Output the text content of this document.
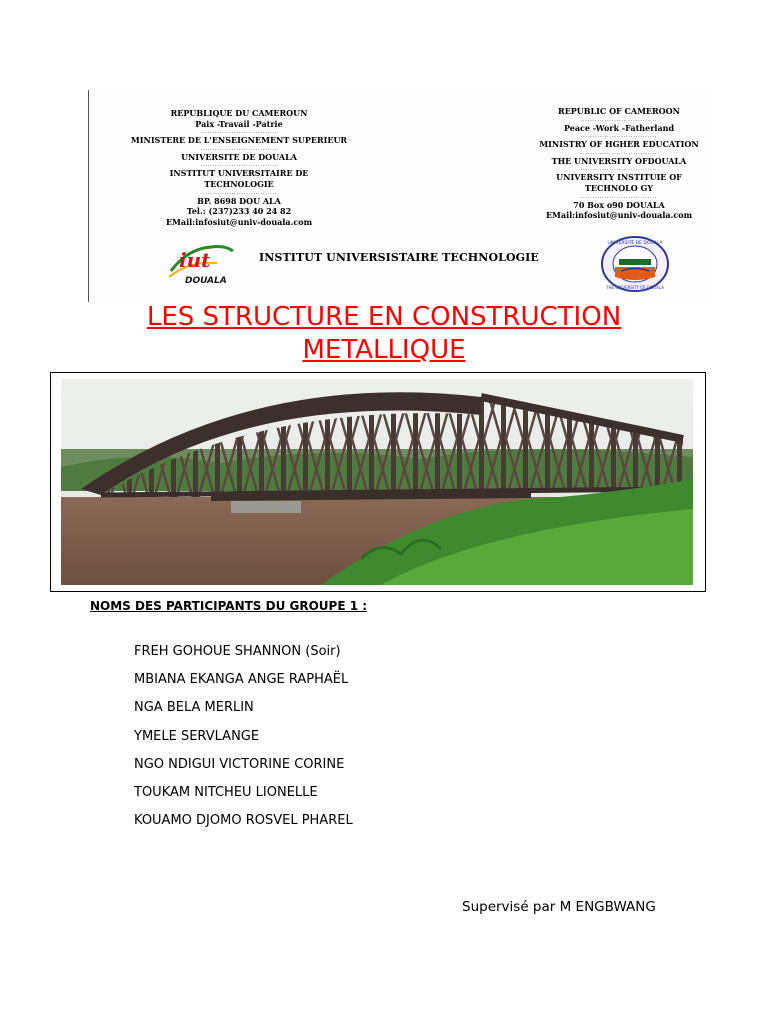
REPUBLIQUE DU CAMEROUN
Paix -Travail -Patrie
................................
MINISTERE DE L'ENSEIGNEMENT SUPERIEUR
................................
UNIVERSITE DE DOUALA
................................
INSTITUT UNIVERSITAIRE DE
TECHNOLOGIE
................................
BP. 8698 DOU ALA
Tel.: (237)233 40 24 82
EMail:infosiut@univ-douala.com
REPUBLIC OF CAMEROON
................................
Peace -Work -Fatherland
................................
MINISTRY OF HGHER EDUCATION
................................
THE UNIVERSITY OFDOUALA
................................
UNIVERSITY INSTITUIE OF
TECHNOLO GY
................................
70 Box o90 DOUALA
EMail:infosiut@univ-douala.com
iut
DOUALA
INSTITUT UNIVERSISTAIRE TECHNOLOGIE
UNIVERSITÉ DE DOUALA
THE UNIVERSITY OF DOUALA
LES STRUCTURE EN CONSTRUCTION
METALLIQUE
NOMS DES PARTICIPANTS DU GROUPE 1 :
FREH GOHOUE SHANNON (Soir)
MBIANA EKANGA ANGE RAPHAËL
NGA BELA MERLIN
YMELE SERVLANGE
NGO NDIGUI VICTORINE CORINE
TOUKAM NITCHEU LIONELLE
KOUAMO DJOMO ROSVEL PHAREL
Supervisé par M ENGBWANG
